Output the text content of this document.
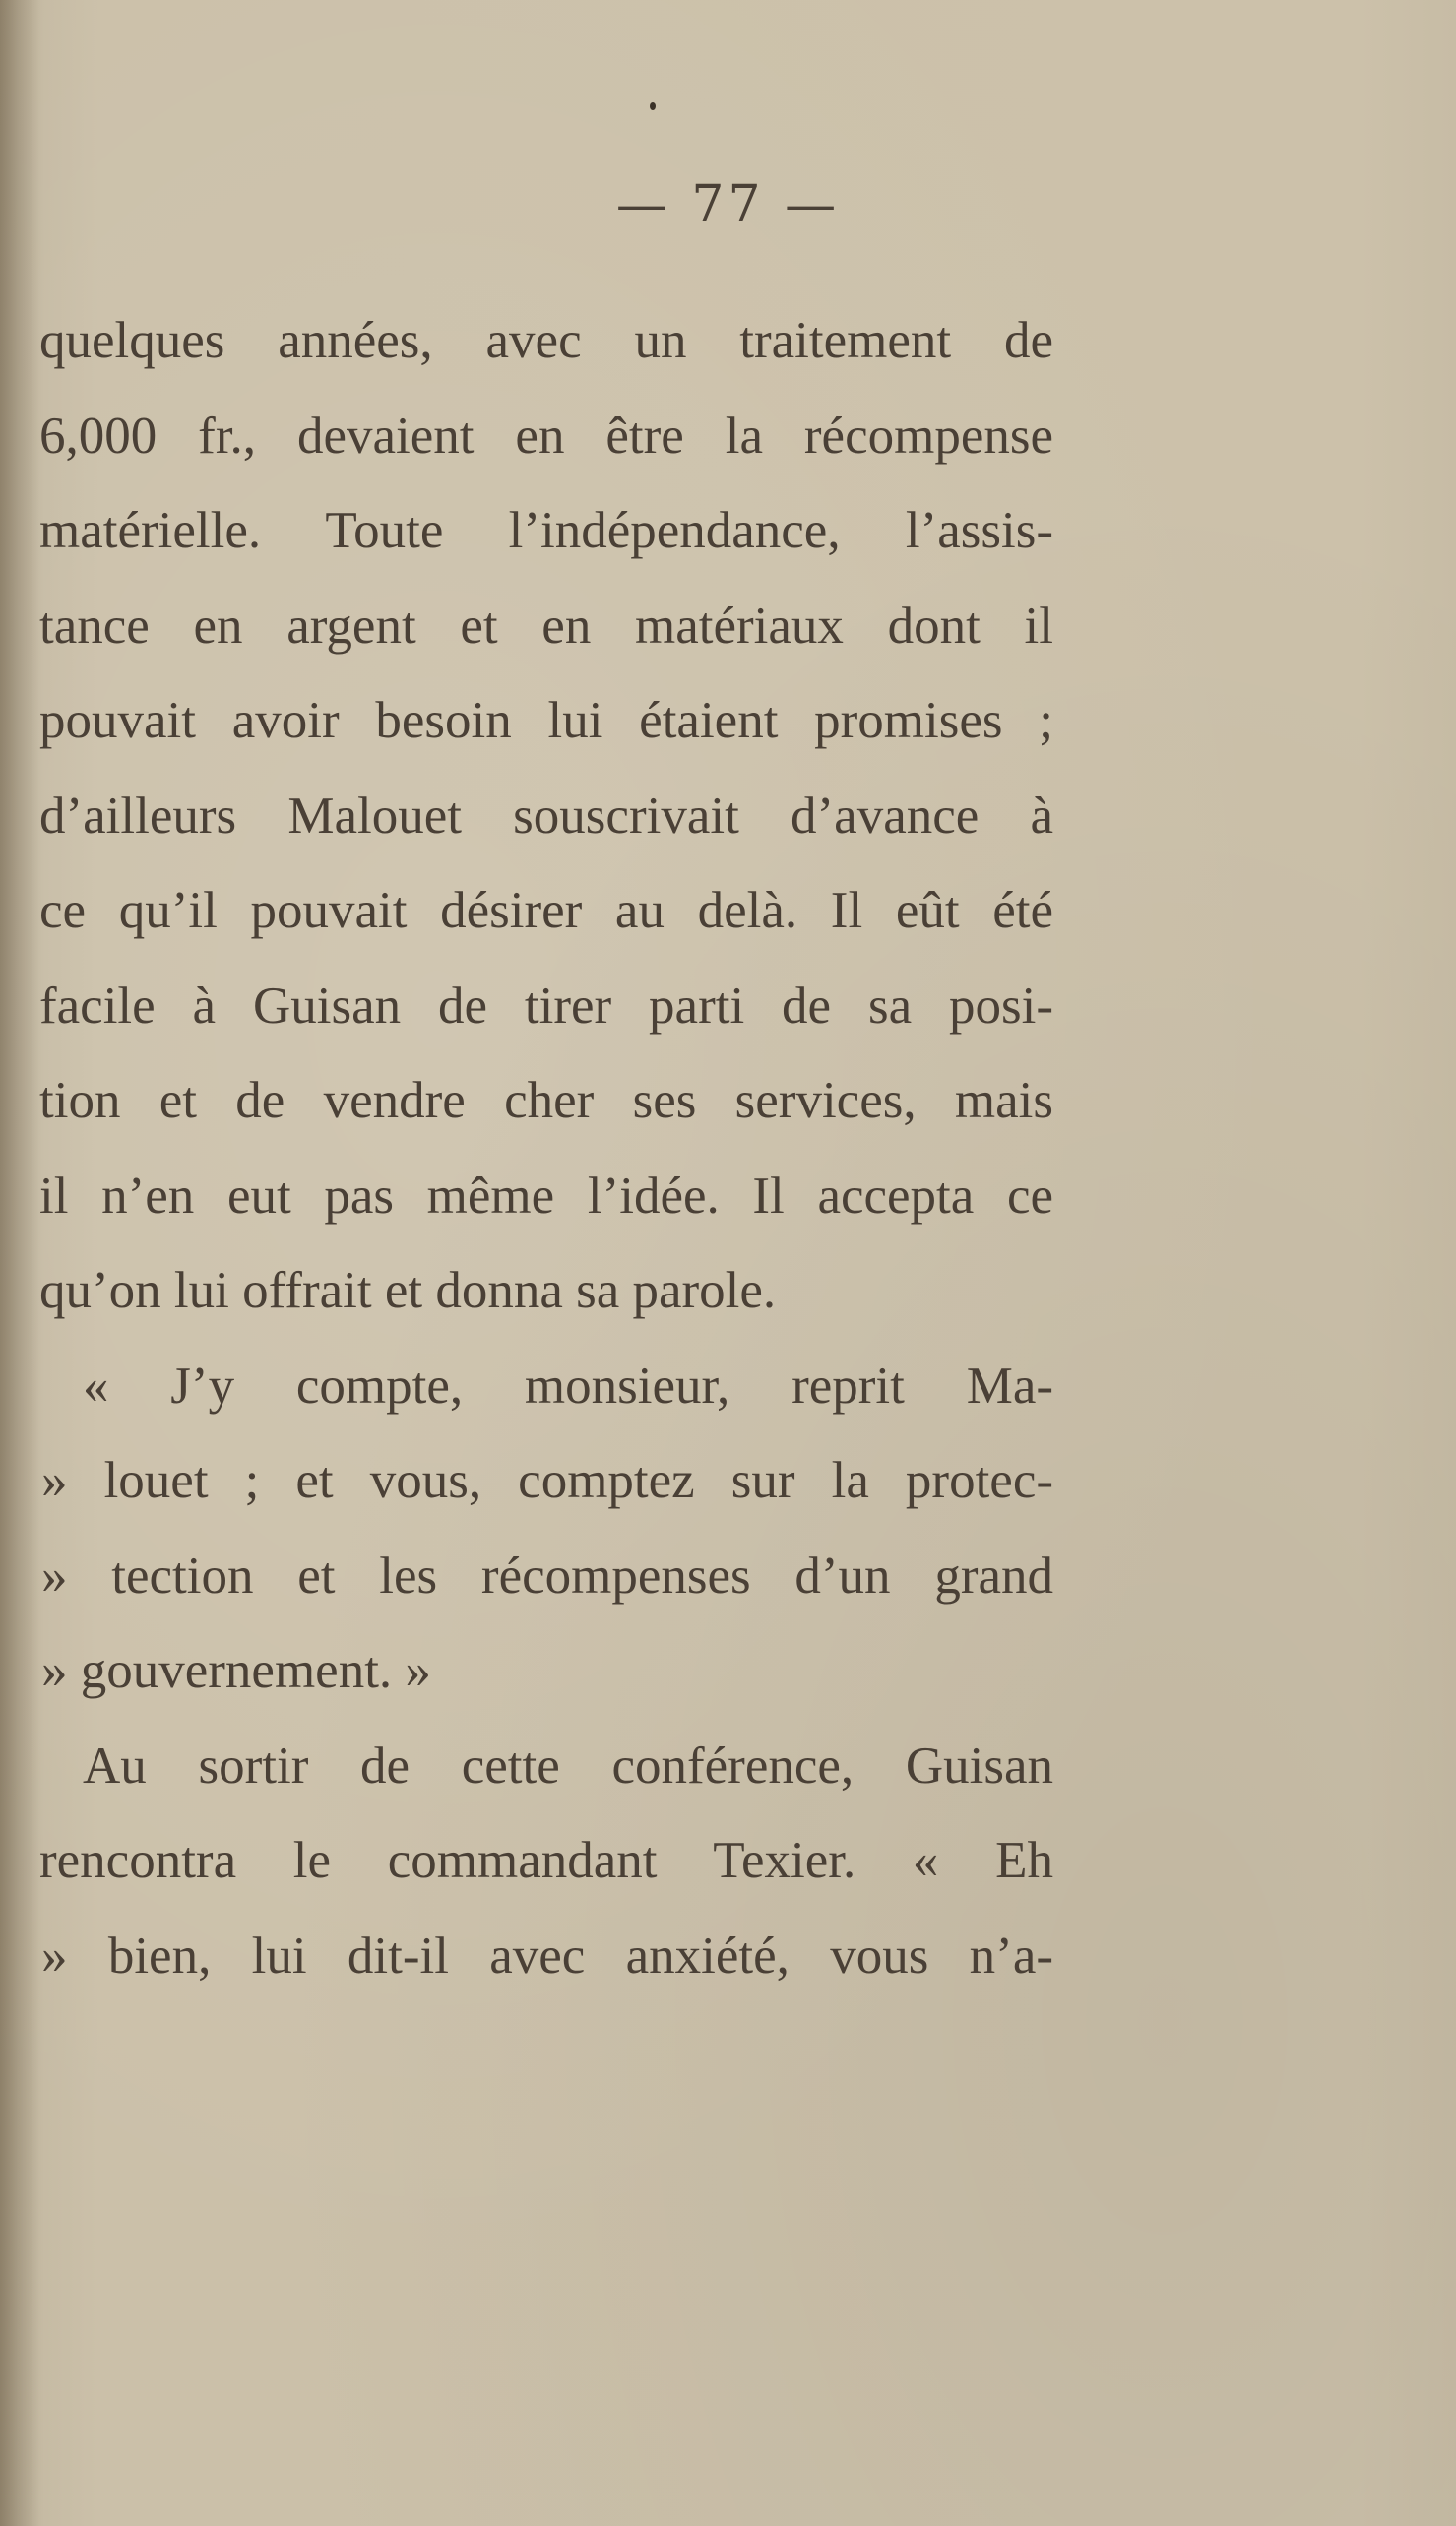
— 77 —
quelques années, avec un traitement de
6,000 fr., devaient en être la récompense
matérielle. Toute l’indépendance, l’assis-
tance en argent et en matériaux dont il
pouvait avoir besoin lui étaient promises ;
d’ailleurs Malouet souscrivait d’avance à
ce qu’il pouvait désirer au delà. Il eût été
facile à Guisan de tirer parti de sa posi-
tion et de vendre cher ses services, mais
il n’en eut pas même l’idée. Il accepta ce
qu’on lui offrait et donna sa parole.
« J’y compte, monsieur, reprit Ma-
» louet ; et vous, comptez sur la protec-
» tection et les récompenses d’un grand
» gouvernement. »
Au sortir de cette conférence, Guisan
rencontra le commandant Texier. « Eh
» bien, lui dit-il avec anxiété, vous n’a-
